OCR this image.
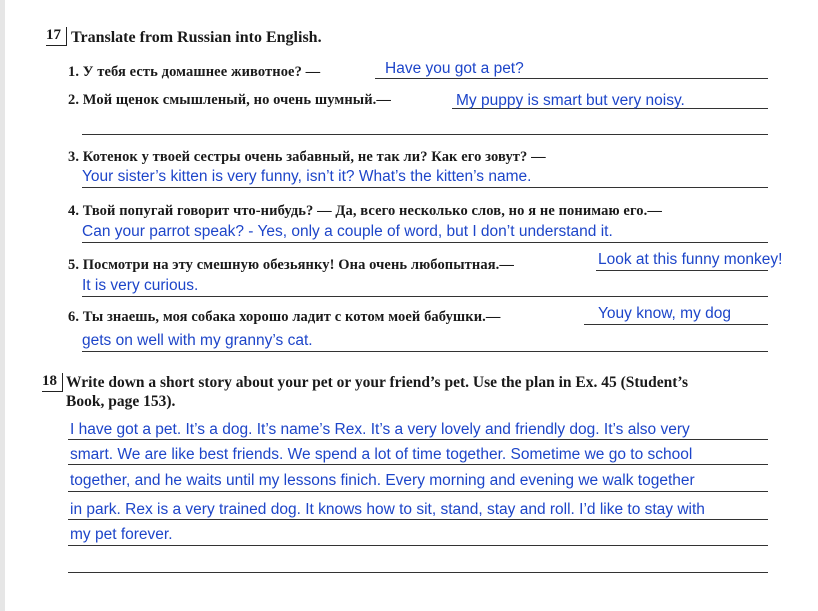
17 Translate from Russian into English.
1. У тебя есть домашнее животное? —	Have you got a pet?
2. Мой щенок смышленый, но очень шумный.—	My puppy is smart but very noisy.
3. Котенок у твоей сестры очень забавный, не так ли? Как его зовут? —
Your sister’s kitten is very funny, isn’t it? What’s the kitten’s name.
4. Твой попугай говорит что-нибудь? — Да, всего несколько слов, но я не понимаю его.—
Can your parrot speak? - Yes, only a couple of word, but I don’t understand it.
5. Посмотри на эту смешную обезьянку! Она очень любопытная.—	Look at this funny monkey!
It is very curious.
6. Ты знаешь, моя собака хорошо ладит с котом моей бабушки.—	Youy know, my dog
gets on well with my granny’s cat.
18 Write down a short story about your pet or your friend’s pet. Use the plan in Ex. 45 (Student’s
Book, page 153).
I have got a pet. It’s a dog. It’s name’s Rex. It’s a very lovely and friendly dog. It’s also very
smart. We are like best friends. We spend a lot of time together. Sometime we go to school
together, and he waits until my lessons finich. Every morning and evening we walk together
in park. Rex is a very trained dog. It knows how to sit, stand, stay and roll. I’d like to stay with
my pet forever.
